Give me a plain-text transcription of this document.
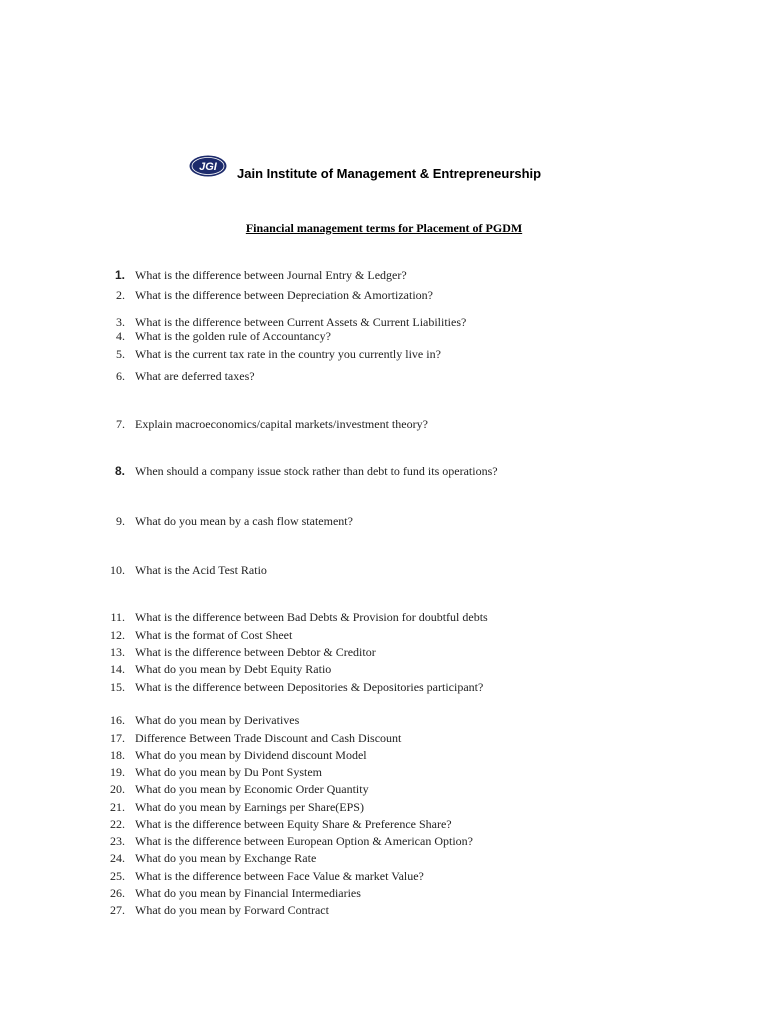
JGI Jain Institute of Management & Entrepreneurship
Financial management terms for Placement of PGDM
1. What is the difference between Journal Entry & Ledger?
2. What is the difference between Depreciation & Amortization?
3. What is the difference between Current Assets & Current Liabilities?
4. What is the golden rule of Accountancy?
5. What is the current tax rate in the country you currently live in?
6. What are deferred taxes?
7. Explain macroeconomics/capital markets/investment theory?
8. When should a company issue stock rather than debt to fund its operations?
9. What do you mean by a cash flow statement?
10. What is the Acid Test Ratio
11. What is the difference between Bad Debts & Provision for doubtful debts
12. What is the format of Cost Sheet
13. What is the difference between Debtor & Creditor
14. What do you mean by Debt Equity Ratio
15. What is the difference between Depositories & Depositories participant?
16. What do you mean by Derivatives
17. Difference Between Trade Discount and Cash Discount
18. What do you mean by Dividend discount Model
19. What do you mean by Du Pont System
20. What do you mean by Economic Order Quantity
21. What do you mean by Earnings per Share(EPS)
22. What is the difference between Equity Share & Preference Share?
23. What is the difference between European Option & American Option?
24. What do you mean by Exchange Rate
25. What is the difference between Face Value & market Value?
26. What do you mean by Financial Intermediaries
27. What do you mean by Forward Contract
